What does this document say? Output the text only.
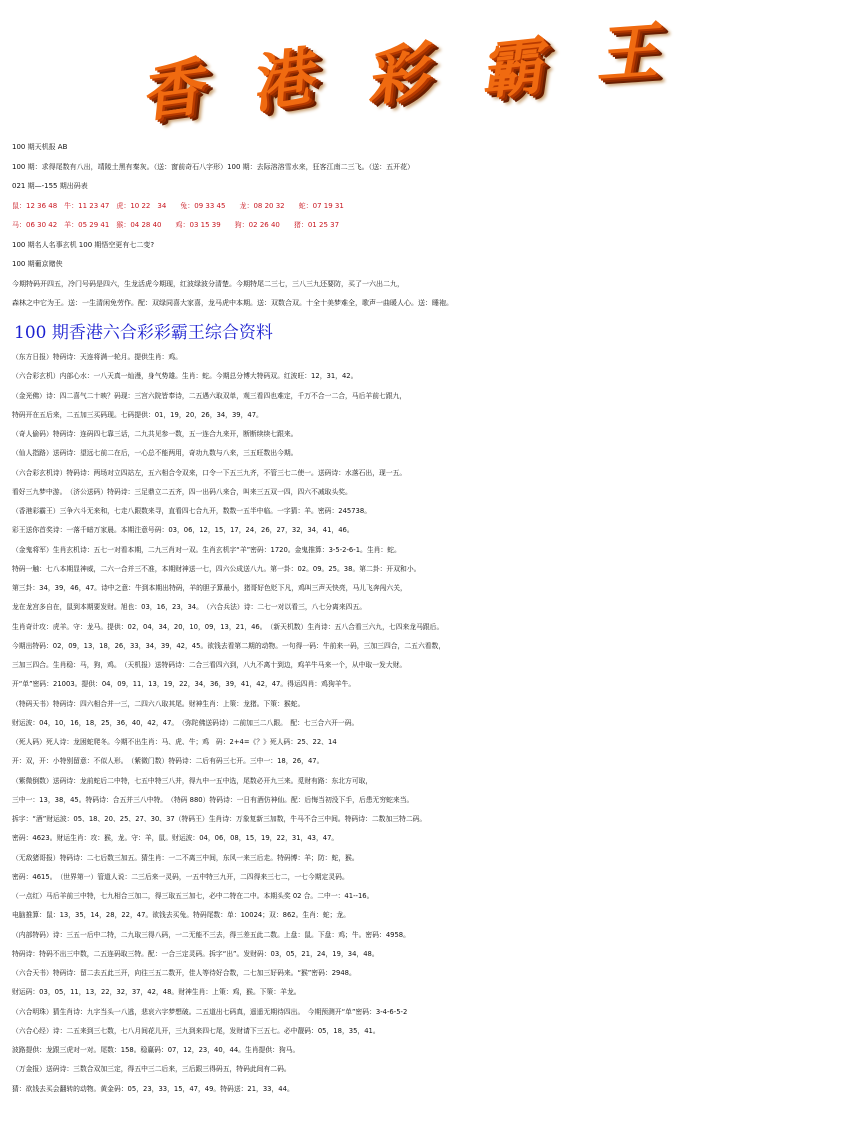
香 港 彩 霸 王
100 期天机报 AB
100 期：求得尾数有八出，靖陵土黑有秦灰。（送：窗前奇石八字形）100 期：去际溶溶雪水来，狂客江南二三飞。（送：五开花）
021 期—-155 期出码表
鼠：12 36 48　牛：11 23 47　虎：10 22　34　　兔：09 33 45　　龙：08 20 32　　蛇：07 19 31
马：06 30 42　羊：05 29 41　猴：04 28 40　　鸡：03 15 39　　狗：02 26 40　　猪：01 25 37
100 期名人名事玄机 100 期悟空更有七二变?
100 期葡京赌侠
今期特码开四五，冷门号码是四六，生龙活虎今期现，红波绿波分清楚。今期特尾二三七，三八三九还要防，买了一六出二九，
森林之中它为王。送：一生清闲免劳作。配：双绿同喜大家喜，龙马虎中本期。送：双数合双。十全十美梦难全，歌声一曲暖人心。送：睡袍。
100 期香港六合彩彩霸王综合资料
（东方日报）特码诗：天连将满一轮月。提供生肖：鸡。
（六合彩玄机）内部心水：一八天真一灿漫，身气势雄。生肖：蛇。今期总分博大特码双。红波旺：12，31，42。
（金光佛）诗：四二喜气二十映？码现：三宫六院皆奉诗，二五遇六取双单，观三看四也难定，千万不合一二合，马后羊前七跟九，
特码开在五后来，二五加三买码现。七码提供：01，19，20，26，34，39，47。
（奇人偷码）特码诗：连码四七靠三话，二九共见参一数，五一连合九来开，断断续续七跟来。
（仙人指路）送码诗：望远七前二在后，一心总不能两用，奇功九数与八来，三五旺数出今期。
（六合彩玄机诗）特码诗：两场对立四站左，五六相合令双来，口令一下五三九齐，不管三七二使一。送码诗：水落石出，现一五。
看好三九梦中游。　（济公送码）特码诗：三足鼎立二五齐，四一出码八来合，叫来三五双一四，四六不减取头奖。
（香港彩霸王）三争六斗无来和，七走八跟数来寻，直看四七合九开，数数一五半中临。一字猜：羊。密码：245738。
彩王送你首奖诗：一落千暗万家晨。本期注意号码：03，06，12，15，17，24，26，27，32，34，41，46。
（金鬼将军）生肖玄机诗：五七一对看本期，二九三肖对一双。生肖玄机字“羊”密码：1720。金鬼推算：3-5-2-6-1。生肖：蛇。
特码一触：七八本期显神威，二六一合并三不准，本期财神送一七，四六公成送八九。第一卦：02。09。25。38。第二卦：开双和小。
第三卦：34，39，46，47。诗中之意：牛到本期出特码，羊的胆子算最小，猪哥好色贬下凡，鸡叫三声天快亮，马儿飞奔闯六关，
龙在龙宫多自在，鼠到本期要发财。旭也：03，16，23，34。　（六合兵法）诗：二七一对以看三，八七分离来四五。
生肖奇计攻：虎羊。守：龙马。提供：02，04，34，20，10，09，13，21，46。　（新天机数）生肖诗：五八合看三六九，七四来龙马跟后。
今期出特码：02，09，13，18，26，33，34，39，42，45。欲钱去看第二期的动物。一句得一码：牛前来一码，三加三四合，二五六看数，
三加三四合。生肖稳：马，狗，鸡。　（天机报）送特码诗：二合三看四六到，八九不离十到边，鸡羊牛马来一个，从中取一发大财。
开“单”密码：21003。提供：04，09，11，13，19，22，34，36，39，41，42，47。得运四肖：鸡狗羊牛。
（特码天书）特码诗：四六相合并一三，二四六八取其尾。财神生肖：上策：龙猪。下策：猴蛇。
财运波：04，10，16，18，25，36，40，42，47。　（弥陀佛送码诗）二前加三二八跟。　配：七三合六开一码。
（死人码）死人诗：龙困蛇爬冬。今期不出生肖：马、虎、牛；鸡　码：2+4=《？》死人码：25、22、14
开：双，开：小特别留意：不似人形。　（紫微门数）特码诗：二后有码三七开。三中一：18，26，47。
（紫微倒数）送码诗：龙前蛇后二中特，七五中特三八并，得九中一五中选，尾数必开九三来。觅财有路：东北方可取，
三中一：13，38，45。特码诗：合五并三八中特。　（特码 880）特码诗：一日有酒仿神仙。配：后悔当初没下手，后患无穷蛇来当。
拆字：“酒”财运波：05、18、20、25、27、30、37（特码王）生肖诗：万象复新三加数，牛马不合三中间。特码诗：二数加三特二码。
密码：4623。财运生肖：攻：猴，龙。守：羊，鼠。财运波：04，06，08，15，19，22，31，43，47。
（无敌猪哥报）特码诗：二七后数三加五。猜生肖：一二不离三中间，东风一来三后走。特码博：羊；防：蛇，猴。
密码：4615。　（世界第一）管道人说：二三后来一灵码，一五中特三九开，二四得来三七二，一七今期定灵码。
（一点红）马后羊前三中特，七九相合三加二，得三取五三加七，必中二特在二中。本期头奖 02 合。二中一：41--16。
电脑推算：鼠：13，35，14，28，22，47。欲钱去买兔。特码尾数：单：10024；双：862。生肖：蛇；龙。
（内部特码）诗：三五一后中二特，二九取三得八码，一二无能不三去，得三差五此二数。上盘：鼠。下盘：鸡；牛。密码：4958。
特码诗：特码不出三中数，二五连码取三特。配：一合三定灵码。拆字“出”。发财码：03，05，21，24，19，34，48。
（六合天书）特码诗：留二去五此三开，向往三五二数开，佳人等待好合数，二七加三好码来。“猴”密码：2948。
财运码：03，05，11，13，22，32，37，42，48。财神生肖：上策：鸡，猴。下策：羊龙。
（六合明珠）猜生肖诗：九字当头一八逃，悲哀六字梦想破。二五道出七码真，遥遥无期待四出。　今期预测开“单”密码：3-4-6-5-2
（六合心经）诗：二五来到三七数，七八月间花儿开，三九到来四七尾，发财请下三五七。必中靓码：05，18，35，41。
波路提供：龙跟三虎对一对。尾数：158。稳赢码：07，12，23，40，44。生肖提供：狗马。
（万金报）送码诗：三数合双加三定，得五中三二后来，三后跟三得码五，特码此间有二码。
猜：欲钱去买会翻转的动物。黄金码：05，23，33，15，47，49。特码送：21，33，44。
